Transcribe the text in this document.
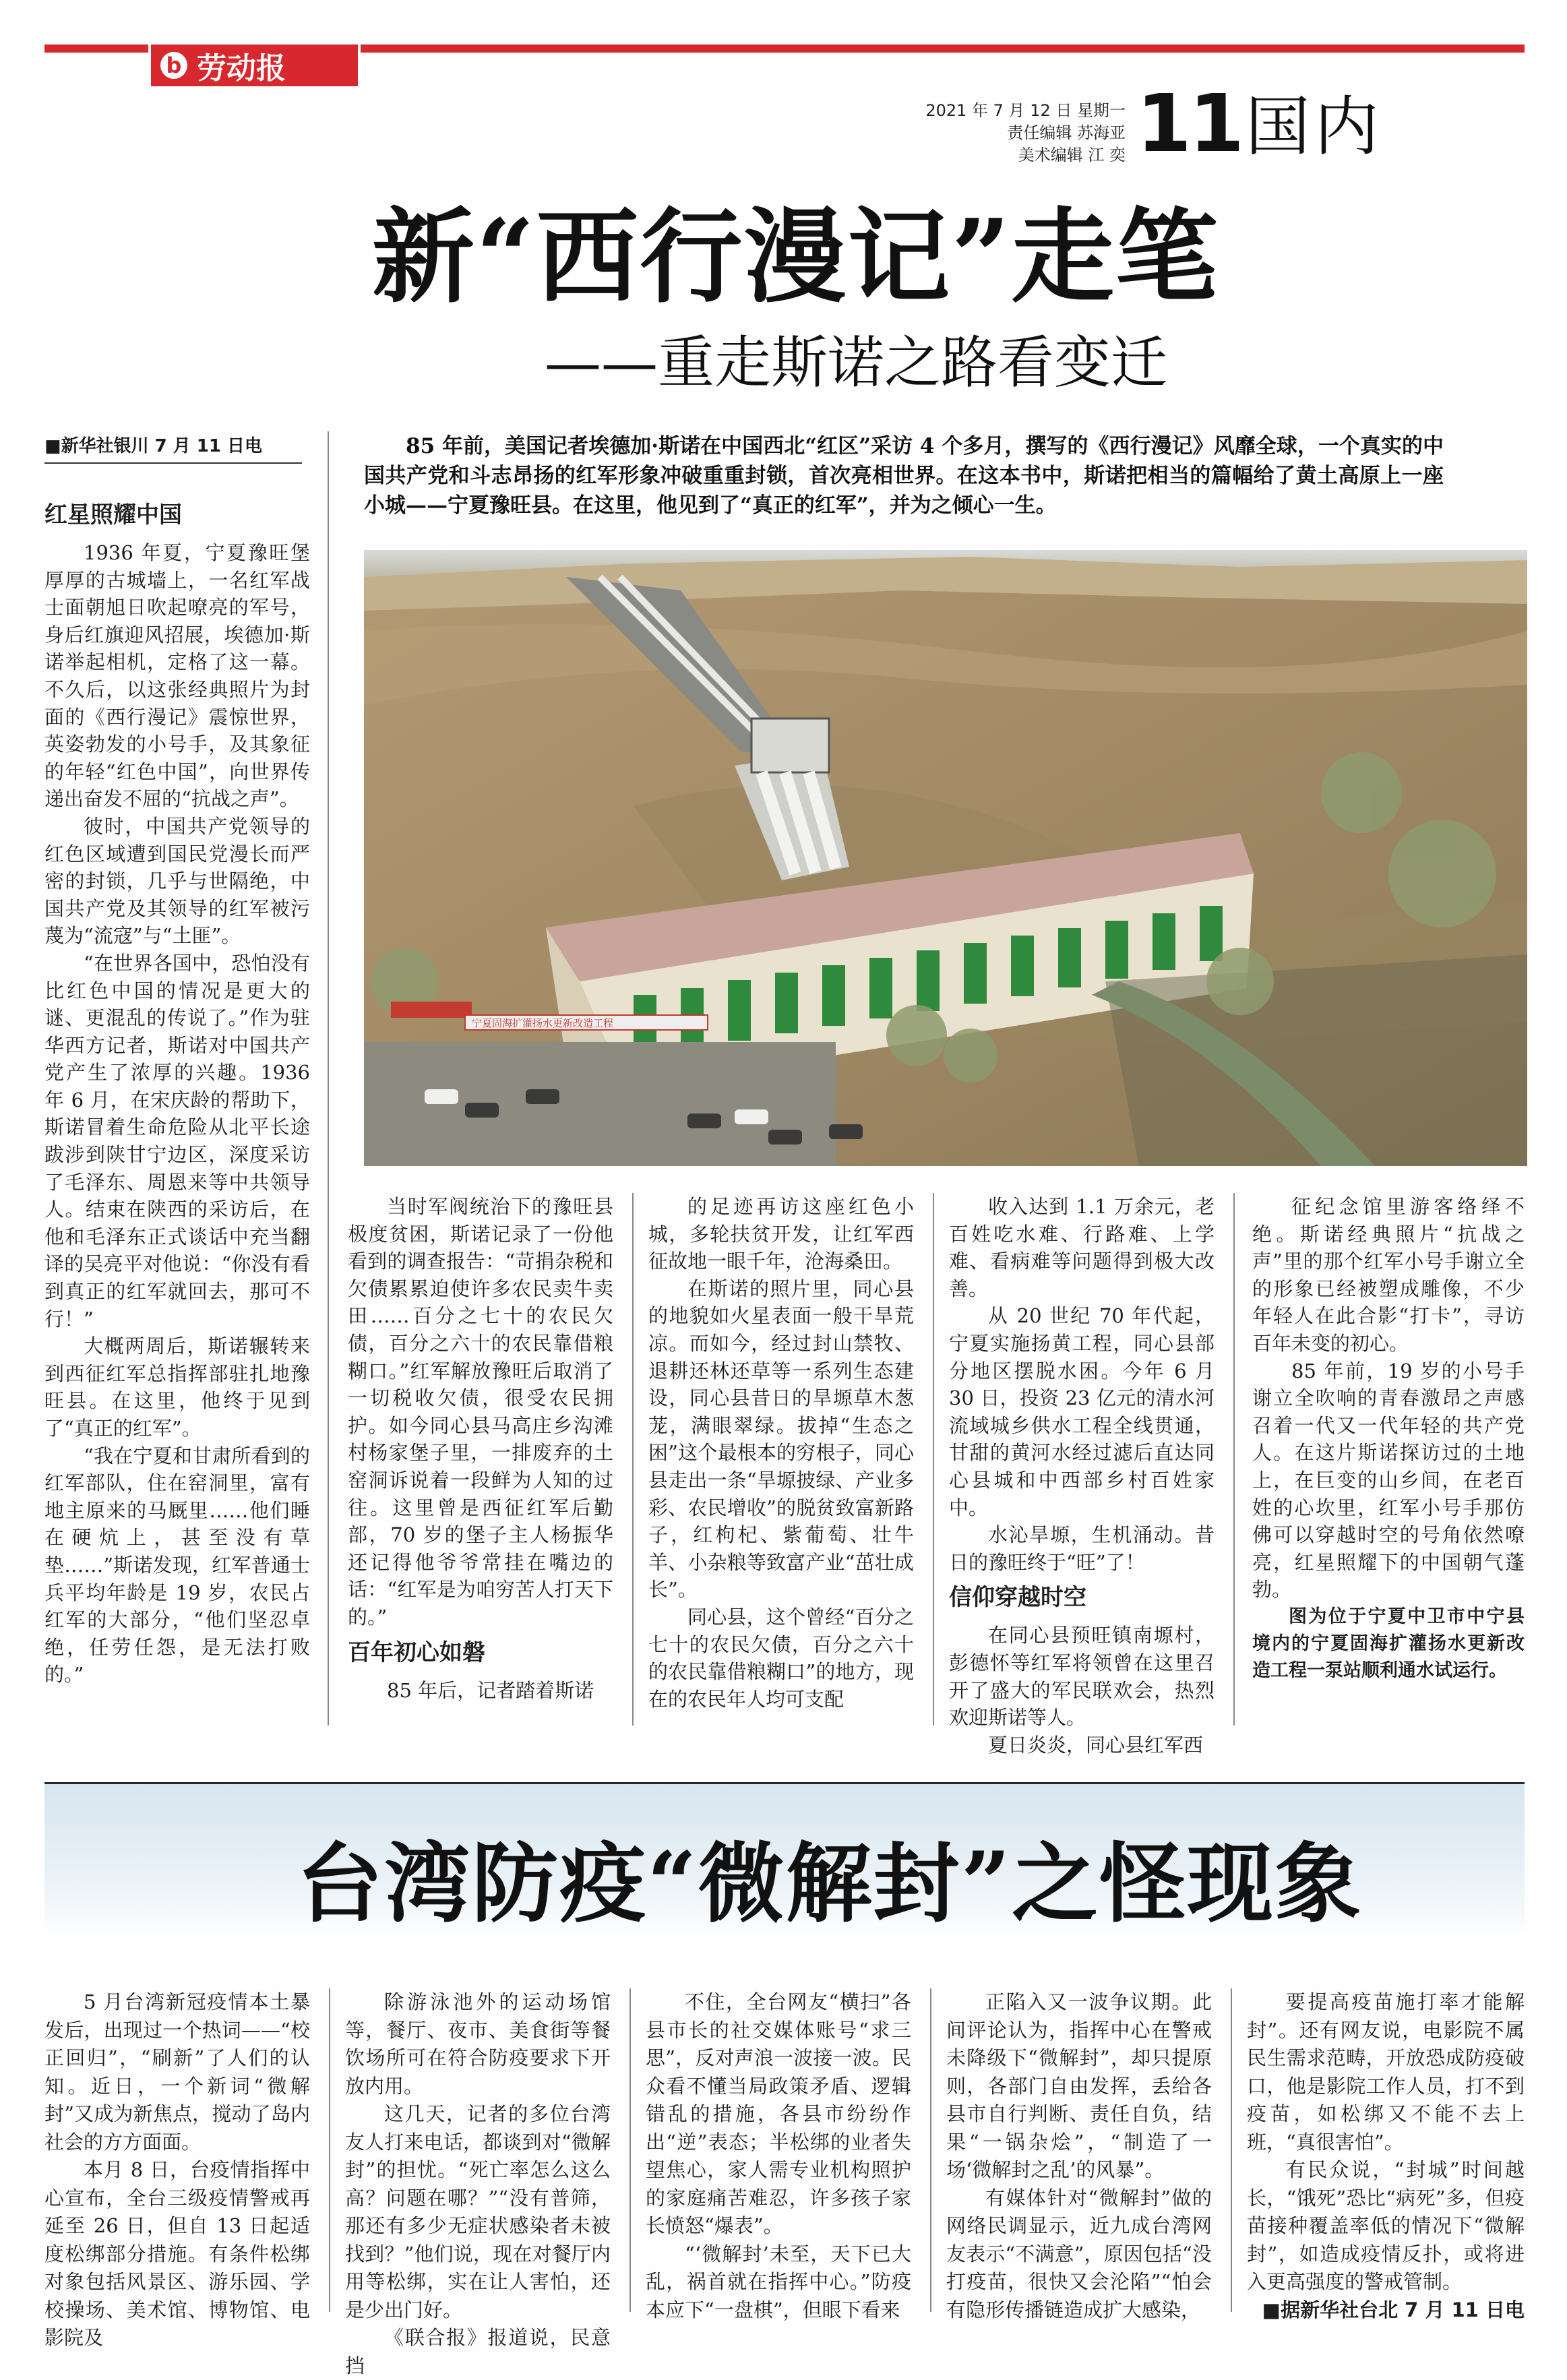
b 劳动报
2021 年 7 月 12 日 星期一
责任编辑 苏海亚
美术编辑 江 奕 11 国内
新“西行漫记”走笔
——重走斯诺之路看变迁
■新华社银川 7 月 11 日电	85 年前，美国记者埃德加·斯诺在中国西北“红区”采访 4 个多月，撰写的《西行漫记》风靡全球，一个真实的中国共产党和斗志昂扬的红军形象冲破重重封锁，首次亮相世界。在这本书中，斯诺把相当的篇幅给了黄土高原上一座小城——宁夏豫旺县。在这里，他见到了“真正的红军”，并为之倾心一生。
红星照耀中国

1936 年夏，宁夏豫旺堡厚厚的古城墙上，一名红军战士面朝旭日吹起嘹亮的军号，身后红旗迎风招展，埃德加·斯诺举起相机，定格了这一幕。不久后，以这张经典照片为封面的《西行漫记》震惊世界，英姿勃发的小号手，及其象征的年轻“红色中国”，向世界传递出奋发不屈的“抗战之声”。

彼时，中国共产党领导的红色区域遭到国民党漫长而严密的封锁，几乎与世隔绝，中国共产党及其领导的红军被污蔑为“流寇”与“土匪”。

“在世界各国中，恐怕没有比红色中国的情况是更大的谜、更混乱的传说了。”作为驻华西方记者，斯诺对中国共产党产生了浓厚的兴趣。1936 年 6 月，在宋庆龄的帮助下，斯诺冒着生命危险从北平长途跋涉到陕甘宁边区，深度采访了毛泽东、周恩来等中共领导人。结束在陕西的采访后，在他和毛泽东正式谈话中充当翻译的吴亮平对他说：“你没有看到真正的红军就回去，那可不行！”

大概两周后，斯诺辗转来到西征红军总指挥部驻扎地豫旺县。在这里，他终于见到了“真正的红军”。

“我在宁夏和甘肃所看到的红军部队，住在窑洞里，富有地主原来的马厩里……他们睡在硬炕上，甚至没有草垫……”斯诺发现，红军普通士兵平均年龄是 19 岁，农民占红军的大部分，“他们坚忍卓绝，任劳任怨，是无法打败的。”

宁夏固海扩灌扬水更新改造工程

当时军阀统治下的豫旺县极度贫困，斯诺记录了一份他看到的调查报告：“苛捐杂税和欠债累累迫使许多农民卖牛卖田……百分之七十的农民欠债，百分之六十的农民靠借粮糊口。”红军解放豫旺后取消了一切税收欠债，很受农民拥护。如今同心县马高庄乡沟滩村杨家堡子里，一排废弃的土窑洞诉说着一段鲜为人知的过往。这里曾是西征红军后勤部，70 岁的堡子主人杨振华还记得他爷爷常挂在嘴边的话：“红军是为咱穷苦人打天下的。”

百年初心如磐

85 年后，记者踏着斯诺

的足迹再访这座红色小城，多轮扶贫开发，让红军西征故地一眼千年，沧海桑田。

在斯诺的照片里，同心县的地貌如火星表面一般干旱荒凉。而如今，经过封山禁牧、退耕还林还草等一系列生态建设，同心县昔日的旱塬草木葱茏，满眼翠绿。拔掉“生态之困”这个最根本的穷根子，同心县走出一条“旱塬披绿、产业多彩、农民增收”的脱贫致富新路子，红枸杞、紫葡萄、壮牛羊、小杂粮等致富产业“茁壮成长”。

同心县，这个曾经“百分之七十的农民欠债，百分之六十的农民靠借粮糊口”的地方，现在的农民年人均可支配

收入达到 1.1 万余元，老百姓吃水难、行路难、上学难、看病难等问题得到极大改善。

从 20 世纪 70 年代起，宁夏实施扬黄工程，同心县部分地区摆脱水困。今年 6 月 30 日，投资 23 亿元的清水河流域城乡供水工程全线贯通，甘甜的黄河水经过滤后直达同心县城和中西部乡村百姓家中。

水沁旱塬，生机涌动。昔日的豫旺终于“旺”了！

信仰穿越时空

在同心县预旺镇南塬村，彭德怀等红军将领曾在这里召开了盛大的军民联欢会，热烈欢迎斯诺等人。

夏日炎炎，同心县红军西

征纪念馆里游客络绎不绝。斯诺经典照片“抗战之声”里的那个红军小号手谢立全的形象已经被塑成雕像，不少年轻人在此合影“打卡”，寻访百年未变的初心。

85 年前，19 岁的小号手谢立全吹响的青春激昂之声感召着一代又一代年轻的共产党人。在这片斯诺探访过的土地上，在巨变的山乡间，在老百姓的心坎里，红军小号手那仿佛可以穿越时空的号角依然嘹亮，红星照耀下的中国朝气蓬勃。

图为位于宁夏中卫市中宁县境内的宁夏固海扩灌扬水更新改造工程一泵站顺利通水试运行。

台湾防疫“微解封”之怪现象

5 月台湾新冠疫情本土暴发后，出现过一个热词——“校正回归”，“刷新”了人们的认知。近日，一个新词“微解封”又成为新焦点，搅动了岛内社会的方方面面。

本月 8 日，台疫情指挥中心宣布，全台三级疫情警戒再延至 26 日，但自 13 日起适度松绑部分措施。有条件松绑对象包括风景区、游乐园、学校操场、美术馆、博物馆、电影院及

除游泳池外的运动场馆等，餐厅、夜市、美食街等餐饮场所可在符合防疫要求下开放内用。

这几天，记者的多位台湾友人打来电话，都谈到对“微解封”的担忧。“死亡率怎么这么高？问题在哪？”“没有普筛，那还有多少无症状感染者未被找到？”他们说，现在对餐厅内用等松绑，实在让人害怕，还是少出门好。

《联合报》报道说，民意挡

不住，全台网友“横扫”各县市长的社交媒体账号“求三思”，反对声浪一波接一波。民众看不懂当局政策矛盾、逻辑错乱的措施，各县市纷纷作出“逆”表态；半松绑的业者失望焦心，家人需专业机构照护的家庭痛苦难忍，许多孩子家长愤怒“爆表”。

“‘微解封’未至，天下已大乱，祸首就在指挥中心。”防疫本应下“一盘棋”，但眼下看来

正陷入又一波争议期。此间评论认为，指挥中心在警戒未降级下“微解封”，却只提原则，各部门自由发挥，丢给各县市自行判断、责任自负，结果“一锅杂烩”，“制造了一场‘微解封之乱’的风暴”。

有媒体针对“微解封”做的网络民调显示，近九成台湾网友表示“不满意”，原因包括“没打疫苗，很快又会沦陷”“怕会有隐形传播链造成扩大感染，

要提高疫苗施打率才能解封”。还有网友说，电影院不属民生需求范畴，开放恐成防疫破口，他是影院工作人员，打不到疫苗，如松绑又不能不去上班，“真很害怕”。

有民众说，“封城”时间越长，“饿死”恐比“病死”多，但疫苗接种覆盖率低的情况下“微解封”，如造成疫情反扑，或将进入更高强度的警戒管制。

■据新华社台北 7 月 11 日电
